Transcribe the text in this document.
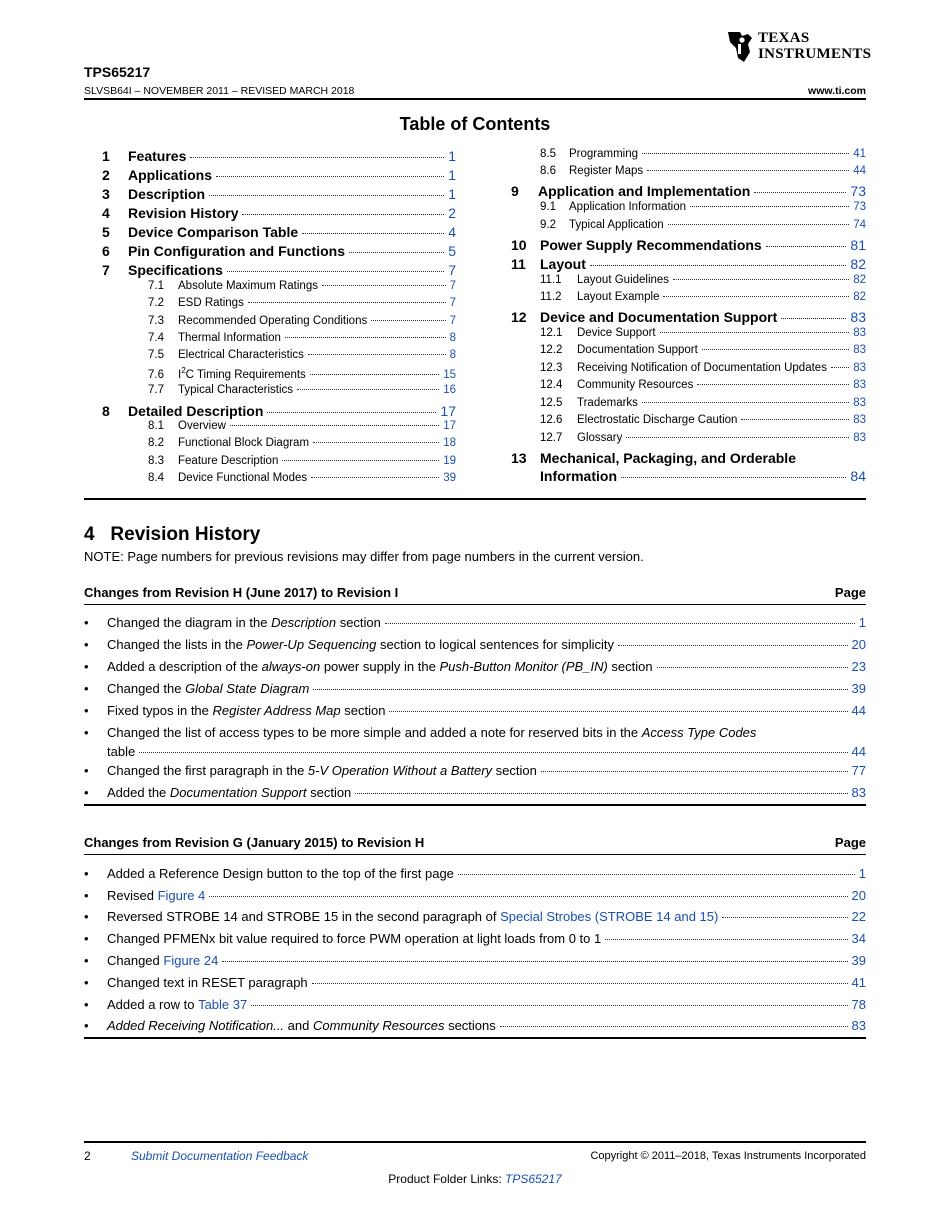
TEXAS
INSTRUMENTS
TPS65217
SLVSB64I – NOVEMBER 2011 – REVISED MARCH 2018	www.ti.com
Table of Contents
1	Features	1
2	Applications	1
3	Description	1
4	Revision History	2
5	Device Comparison Table	4
6	Pin Configuration and Functions	5
7	Specifications	7
7.1	Absolute Maximum Ratings	7
7.2	ESD Ratings	7
7.3	Recommended Operating Conditions	7
7.4	Thermal Information	8
7.5	Electrical Characteristics	8
7.6	$I^2C$ Timing Requirements	15
7.7	Typical Characteristics	16
8	Detailed Description	17
8.1	Overview	17
8.2	Functional Block Diagram	18
8.3	Feature Description	19
8.4	Device Functional Modes	39
8.5	Programming	41
8.6	Register Maps	44
9	Application and Implementation	73
9.1	Application Information	73
9.2	Typical Application	74
10 Power Supply Recommendations	81
11	Layout	82
11.1	Layout Guidelines	82
11.2	Layout Example	82
12 Device and Documentation Support	83
12.1	Device Support	83
12.2	Documentation Support	83
12.3	Receiving Notification of Documentation Updates 83
12.4	Community Resources	83
12.5	Trademarks	83
12.6	Electrostatic Discharge Caution	83
12.7	Glossary	83
13 Mechanical, Packaging, and Orderable
Information	84
4 Revision History
NOTE: Page numbers for previous revisions may differ from page numbers in the current version.
Changes from Revision H (June 2017) to Revision I	Page
• Changed the diagram in the Description section	1
• Changed the lists in the Power-Up Sequencing section to logical sentences for simplicity	20
• Added a description of the always-on power supply in the Push-Button Monitor (PB_IN) section	23
• Changed the Global State Diagram	39
• Fixed typos in the Register Address Map section	44
• Changed the list of access types to be more simple and added a note for reserved bits in the Access Type Codes
table	44
• Changed the first paragraph in the 5-V Operation Without a Battery section	77
• Added the Documentation Support section	83
Changes from Revision G (January 2015) to Revision H	Page
• Added a Reference Design button to the top of the first page	1
• Revised Figure 4	20
• Reversed STROBE 14 and STROBE 15 in the second paragraph of Special Strobes (STROBE 14 and 15)	22
• Changed PFMENx bit value required to force PWM operation at light loads from 0 to 1	34
• Changed Figure 24	39
• Changed text in RESET paragraph	41
• Added a row to Table 37	78
• Added Receiving Notification... and Community Resources sections	83
2	Submit Documentation Feedback	Copyright © 2011–2018, Texas Instruments Incorporated
Product Folder Links: TPS65217
